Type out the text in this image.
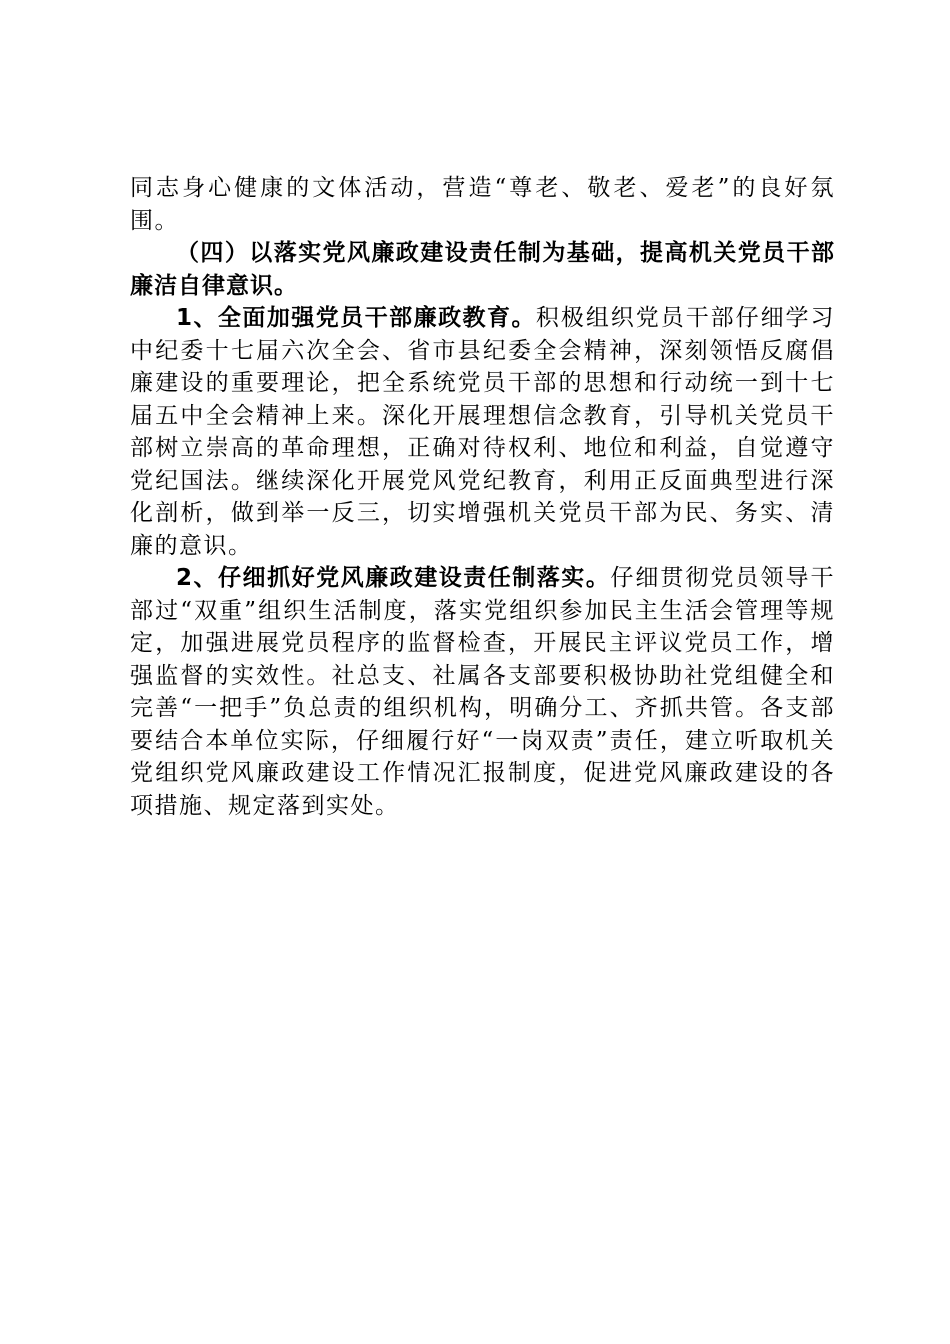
同志身心健康的文体活动，营造“尊老、敬老、爱老”的良好氛围。

（四）以落实党风廉政建设责任制为基础，提高机关党员干部廉洁自律意识。

1、全面加强党员干部廉政教育。积极组织党员干部仔细学习中纪委十七届六次全会、省市县纪委全会精神，深刻领悟反腐倡廉建设的重要理论，把全系统党员干部的思想和行动统一到十七届五中全会精神上来。深化开展理想信念教育，引导机关党员干部树立崇高的革命理想，正确对待权利、地位和利益，自觉遵守党纪国法。继续深化开展党风党纪教育，利用正反面典型进行深化剖析，做到举一反三，切实增强机关党员干部为民、务实、清廉的意识。

2、仔细抓好党风廉政建设责任制落实。仔细贯彻党员领导干部过“双重”组织生活制度，落实党组织参加民主生活会管理等规定，加强进展党员程序的监督检查，开展民主评议党员工作，增强监督的实效性。社总支、社属各支部要积极协助社党组健全和完善“一把手”负总责的组织机构，明确分工、齐抓共管。各支部要结合本单位实际，仔细履行好“一岗双责”责任，建立听取机关党组织党风廉政建设工作情况汇报制度，促进党风廉政建设的各项措施、规定落到实处。
